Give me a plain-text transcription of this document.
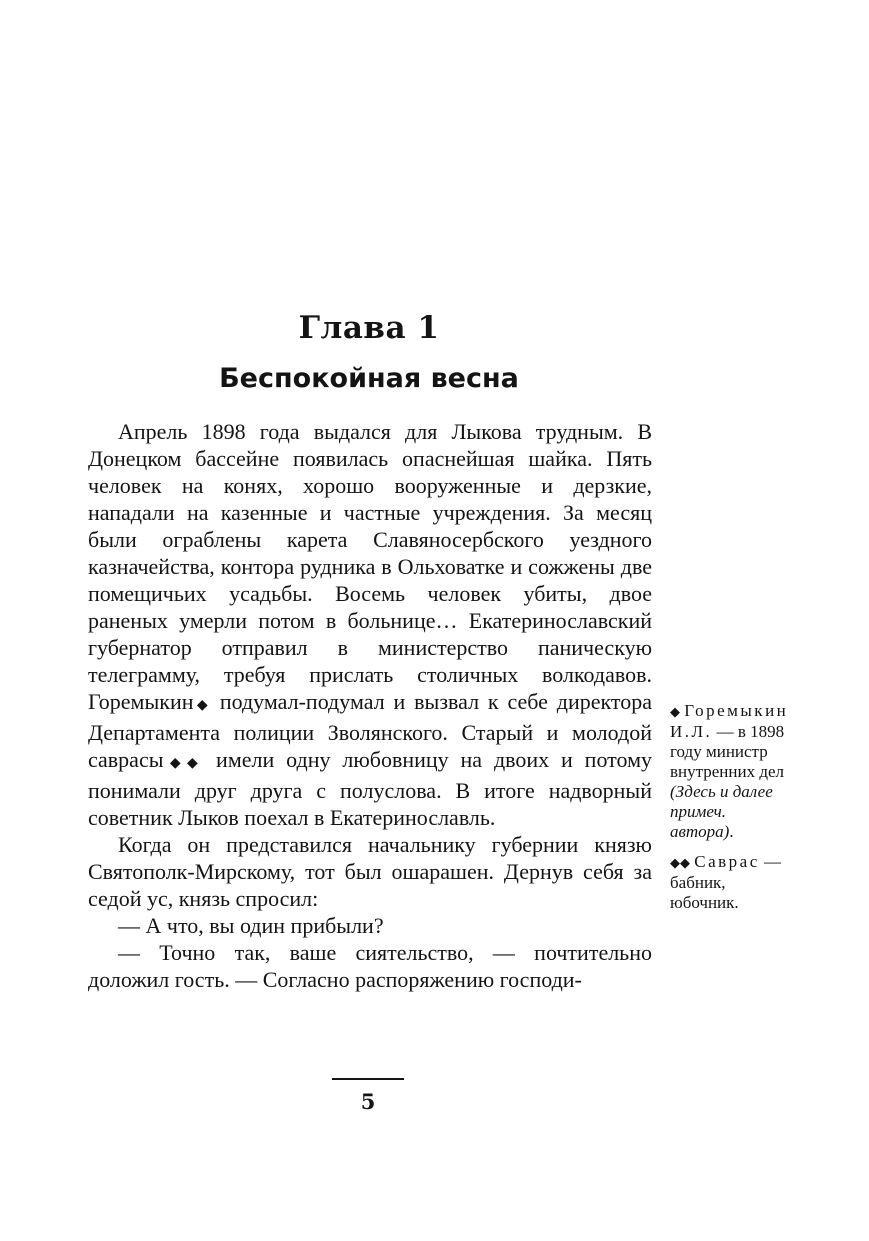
Глава 1
Беспокойная весна

Апрель 1898 года выдался для Лыкова трудным. В Донецком бассейне появилась опаснейшая шайка. Пять человек на конях, хорошо вооруженные и дерзкие, нападали на казенные и частные учреждения. За месяц были ограблены карета Славяносербского уездного казначейства, контора рудника в Ольховатке и сожжены две помещичьих усадьбы. Восемь человек убиты, двое раненых умерли потом в больнице… Екатеринославский губернатор отправил в министерство паническую телеграмму, требуя прислать столичных волкодавов. Горемыкин◆ подумал-подумал и вызвал к себе директора Департамента полиции Зволянского. Старый и молодой саврасы◆◆ имели одну любовницу на двоих и потому понимали друг друга с полуслова. В итоге надворный советник Лыков поехал в Екатеринославль.

Когда он представился начальнику губернии князю Святополк-Мирскому, тот был ошарашен. Дернув себя за седой ус, князь спросил:

— А что, вы один прибыли?

— Точно так, ваше сиятельство, — почтительно доложил гость. — Согласно распоряжению господи-

◆ Горемыкин И.Л. — в 1898 году министр внутренних дел (Здесь и далее примеч. автора).
◆◆ Саврас — бабник, юбочник.
5
